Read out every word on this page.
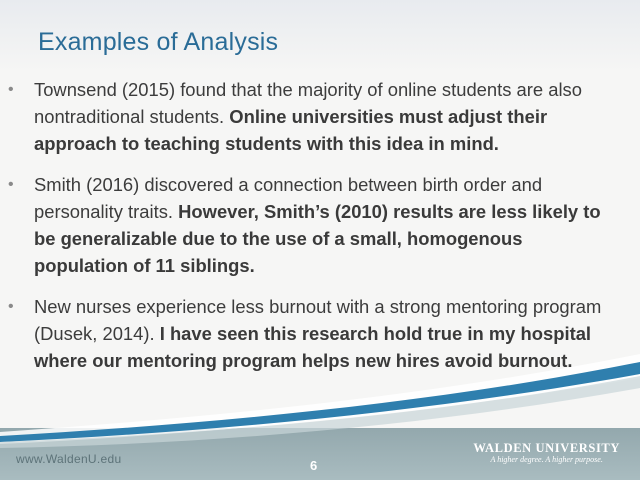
Examples of Analysis
• Townsend (2015) found that the majority of online students are also nontraditional students. Online universities must adjust their approach to teaching students with this idea in mind.
• Smith (2016) discovered a connection between birth order and personality traits. However, Smith’s (2010) results are less likely to be generalizable due to the use of a small, homogenous population of 11 siblings.
• New nurses experience less burnout with a strong mentoring program (Dusek, 2014). I have seen this research hold true in my hospital where our mentoring program helps new hires avoid burnout.
www.WaldenU.edu	6
WALDEN UNIVERSITY
A higher degree. A higher purpose.
